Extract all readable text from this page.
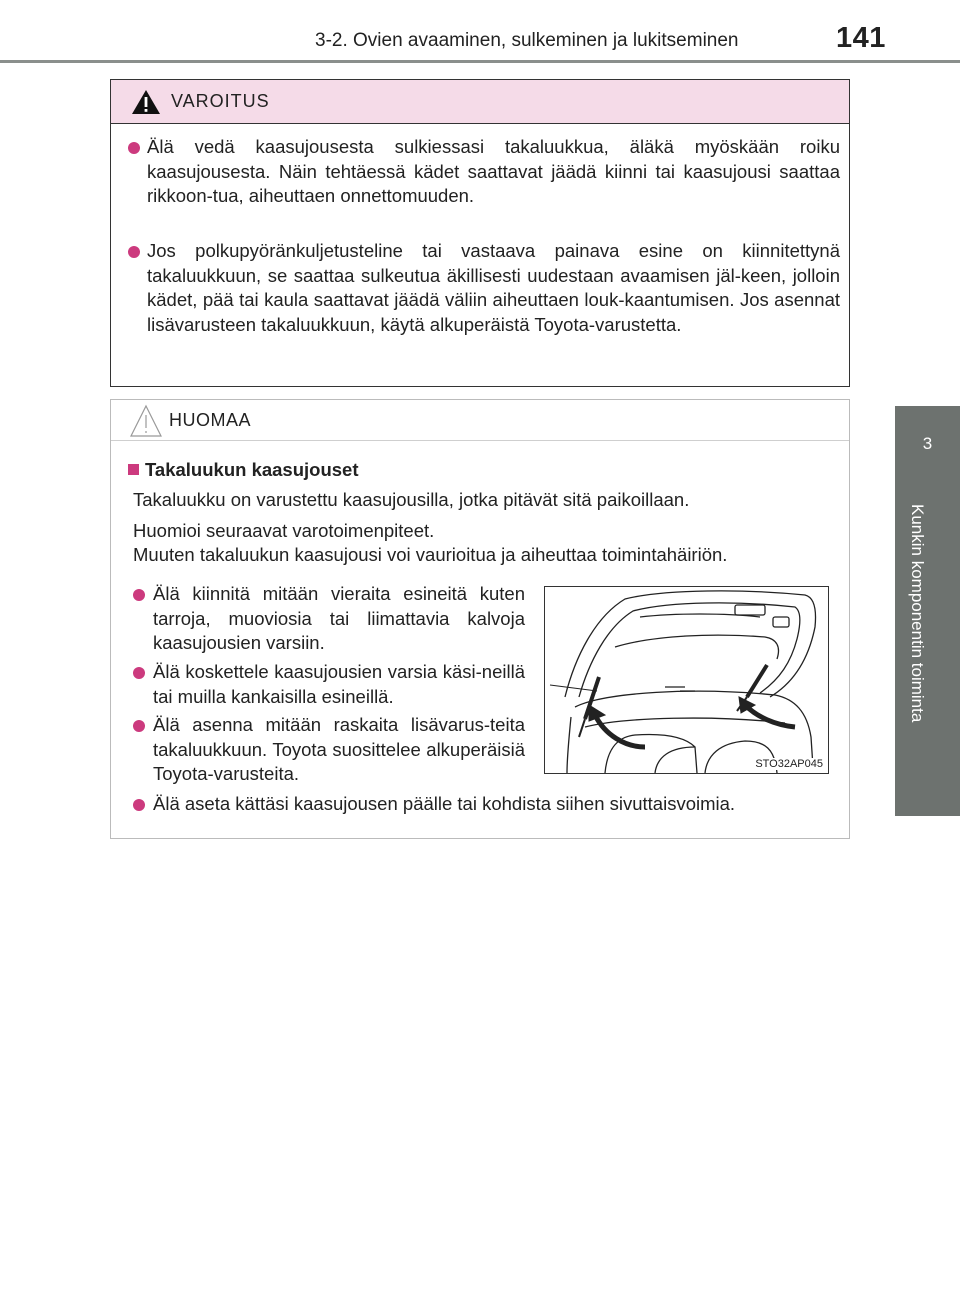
3-2. Ovien avaaminen, sulkeminen ja lukitseminen	141
3
Kunkin komponentin toiminta
VAROITUS
Älä vedä kaasujousesta sulkiessasi takaluukkua, äläkä myöskään roiku kaasujousesta. Näin tehtäessä kädet saattavat jäädä kiinni tai kaasujousi saattaa rikkoon-tua, aiheuttaen onnettomuuden.
Jos polkupyöränkuljetusteline tai vastaava painava esine on kiinnitettynä takaluukkuun, se saattaa sulkeutua äkillisesti uudestaan avaamisen jäl-keen, jolloin kädet, pää tai kaula saattavat jäädä väliin aiheuttaen louk-kaantumisen. Jos asennat lisävarusteen takaluukkuun, käytä alkuperäistä Toyota-varustetta.
HUOMAA
Takaluukun kaasujouset
Takaluukku on varustettu kaasujousilla, jotka pitävät sitä paikoillaan.
Huomioi seuraavat varotoimenpiteet.
Muuten takaluukun kaasujousi voi vaurioitua ja aiheuttaa toimintahäiriön.
Älä kiinnitä mitään vieraita esineitä kuten tarroja, muoviosia tai liimattavia kalvoja kaasujousien varsiin.
Älä koskettele kaasujousien varsia käsi-neillä tai muilla kankaisilla esineillä.
Älä asenna mitään raskaita lisävarus-teita takaluukkuun. Toyota suosittelee alkuperäisiä Toyota-varusteita.
Älä aseta kättäsi kaasujousen päälle tai kohdista siihen sivuttaisvoimia.
STO32AP045
